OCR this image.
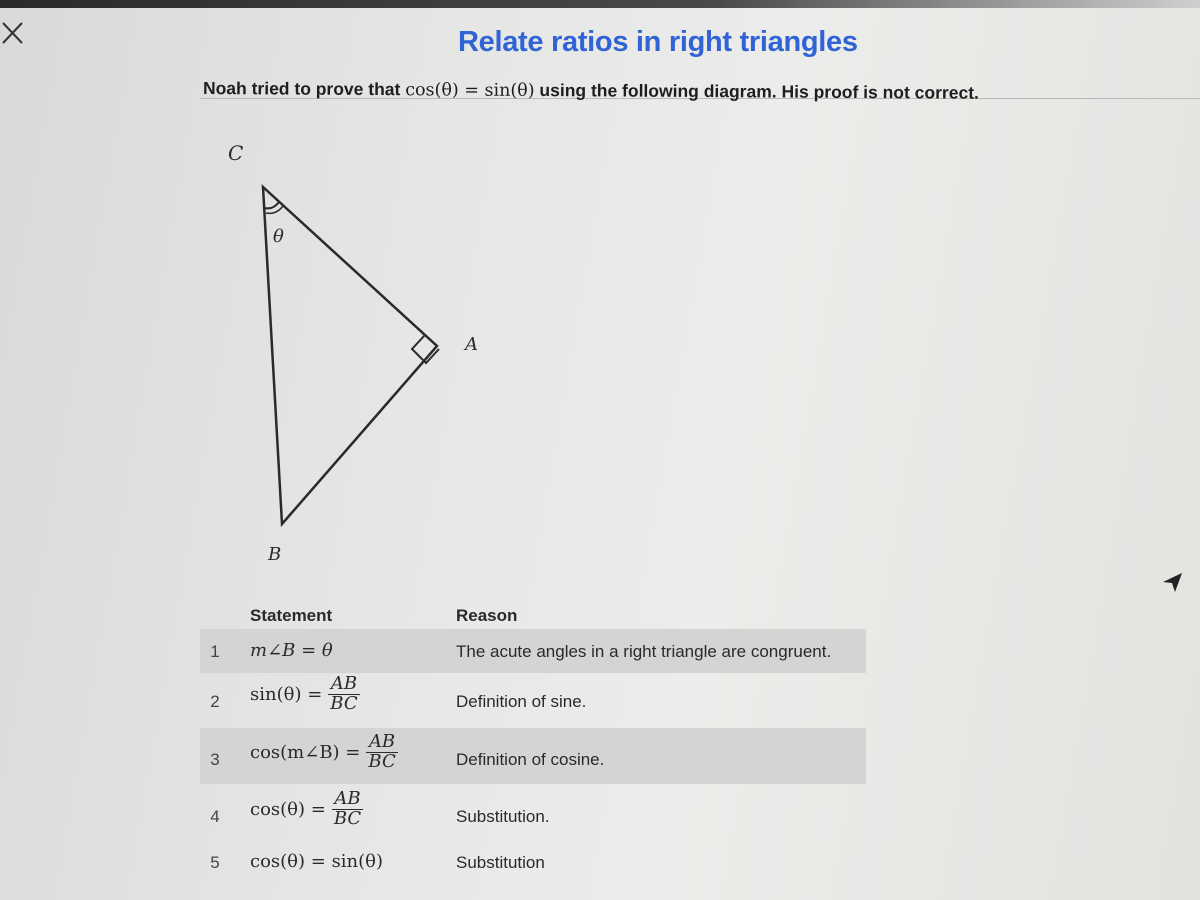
Relate ratios in right triangles
Noah tried to prove that cos(θ) = sin(θ) using the following diagram. His proof is not correct.
C
θ
A
B
Statement	Reason
1 m∠B = θ	The acute angles in a right triangle are congruent.
2 $\sin(\theta) = \frac{AB}{BC}$	Definition of sine.
3 cos(m∠B) = $\frac{AB}{BC}$	Definition of cosine.
4 $\cos(\theta) = \frac{AB}{BC}$	Substitution.
5 cos(θ) = sin(θ)	Substitution
